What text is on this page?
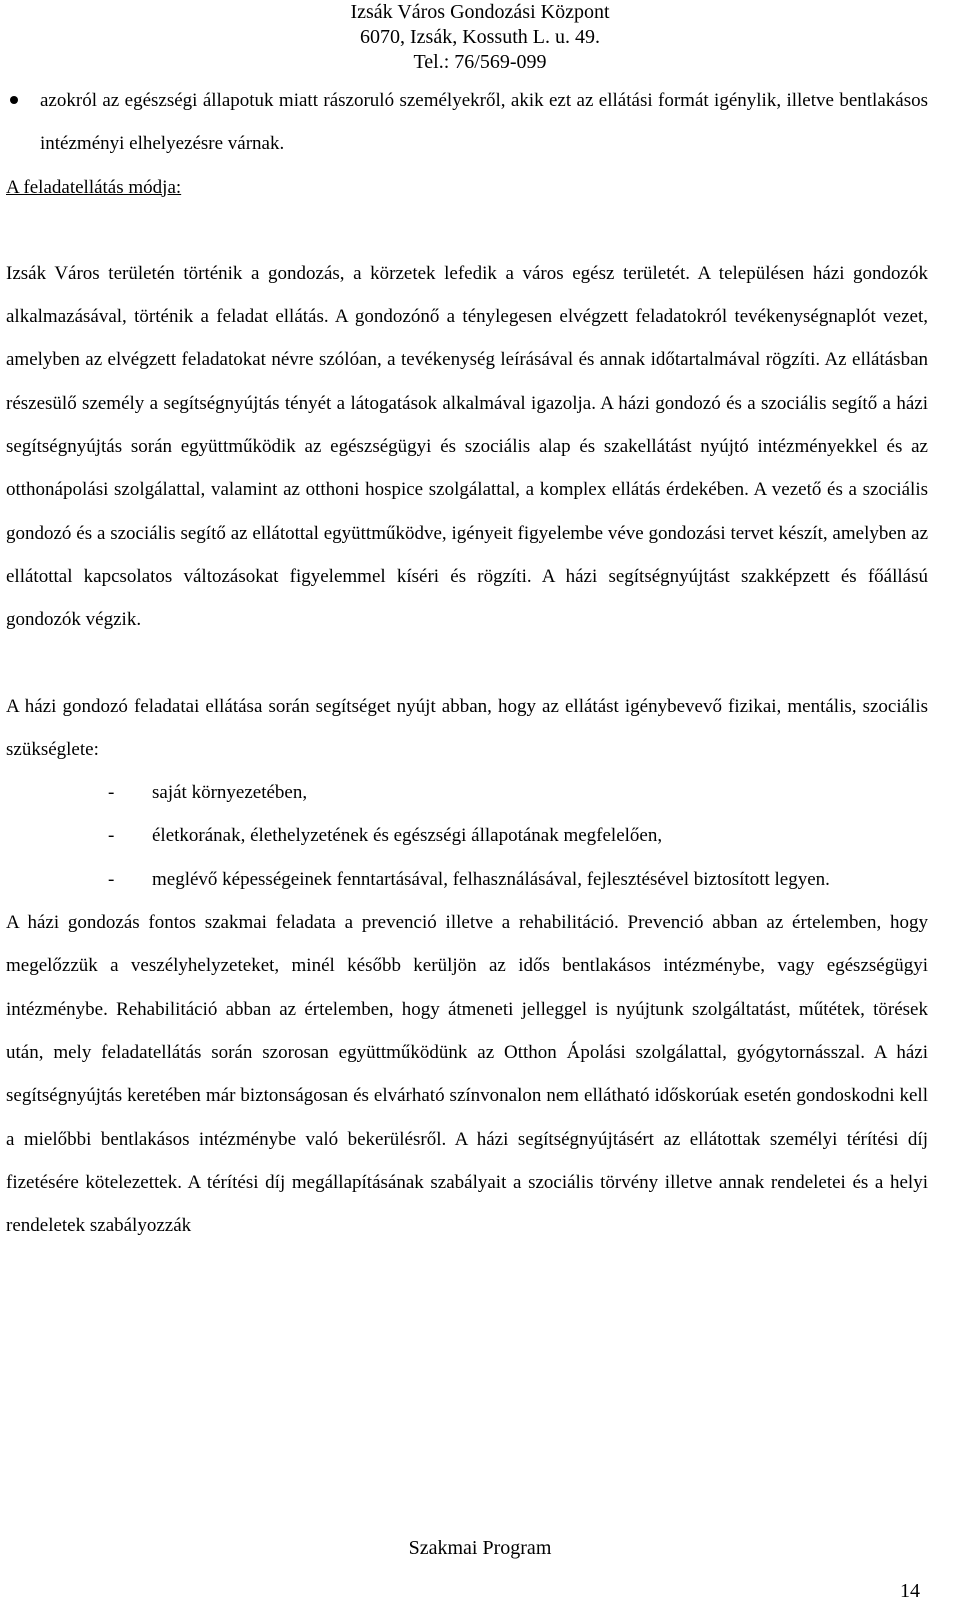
Izsák Város Gondozási Központ
6070, Izsák, Kossuth L. u. 49.
Tel.: 76/569-099

azokról az egészségi állapotuk miatt rászoruló személyekről, akik ezt az ellátási formát igénylik, illetve bentlakásos intézményi elhelyezésre várnak.

A feladatellátás módja:

Izsák Város területén történik a gondozás, a körzetek lefedik a város egész területét. A településen házi gondozók alkalmazásával, történik a feladat ellátás. A gondozónő a ténylegesen elvégzett feladatokról tevékenységnaplót vezet, amelyben az elvégzett feladatokat névre szólóan, a tevékenység leírásával és annak időtartalmával rögzíti. Az ellátásban részesülő személy a segítségnyújtás tényét a látogatások alkalmával igazolja. A házi gondozó és a szociális segítő a házi segítségnyújtás során együttműködik az egészségügyi és szociális alap és szakellátást nyújtó intézményekkel és az otthonápolási szolgálattal, valamint az otthoni hospice szolgálattal, a komplex ellátás érdekében. A vezető és a szociális gondozó és a szociális segítő az ellátottal együttműködve, igényeit figyelembe véve gondozási tervet készít, amelyben az ellátottal kapcsolatos változásokat figyelemmel kíséri és rögzíti. A házi segítségnyújtást szakképzett és főállású gondozók végzik.

A házi gondozó feladatai ellátása során segítséget nyújt abban, hogy az ellátást igénybevevő fizikai, mentális, szociális szükséglete:

- saját környezetében,
- életkorának, élethelyzetének és egészségi állapotának megfelelően,
- meglévő képességeinek fenntartásával, felhasználásával, fejlesztésével biztosított legyen.

A házi gondozás fontos szakmai feladata a prevenció illetve a rehabilitáció. Prevenció abban az értelemben, hogy megelőzzük a veszélyhelyzeteket, minél később kerüljön az idős bentlakásos intézménybe, vagy egészségügyi intézménybe. Rehabilitáció abban az értelemben, hogy átmeneti jelleggel is nyújtunk szolgáltatást, műtétek, törések után, mely feladatellátás során szorosan együttműködünk az Otthon Ápolási szolgálattal, gyógytornásszal. A házi segítségnyújtás keretében már biztonságosan és elvárható színvonalon nem ellátható időskorúak esetén gondoskodni kell a mielőbbi bentlakásos intézménybe való bekerülésről. A házi segítségnyújtásért az ellátottak személyi térítési díj fizetésére kötelezettek. A térítési díj megállapításának szabályait a szociális törvény illetve annak rendeletei és a helyi rendeletek szabályozzák

Szakmai Program
14
